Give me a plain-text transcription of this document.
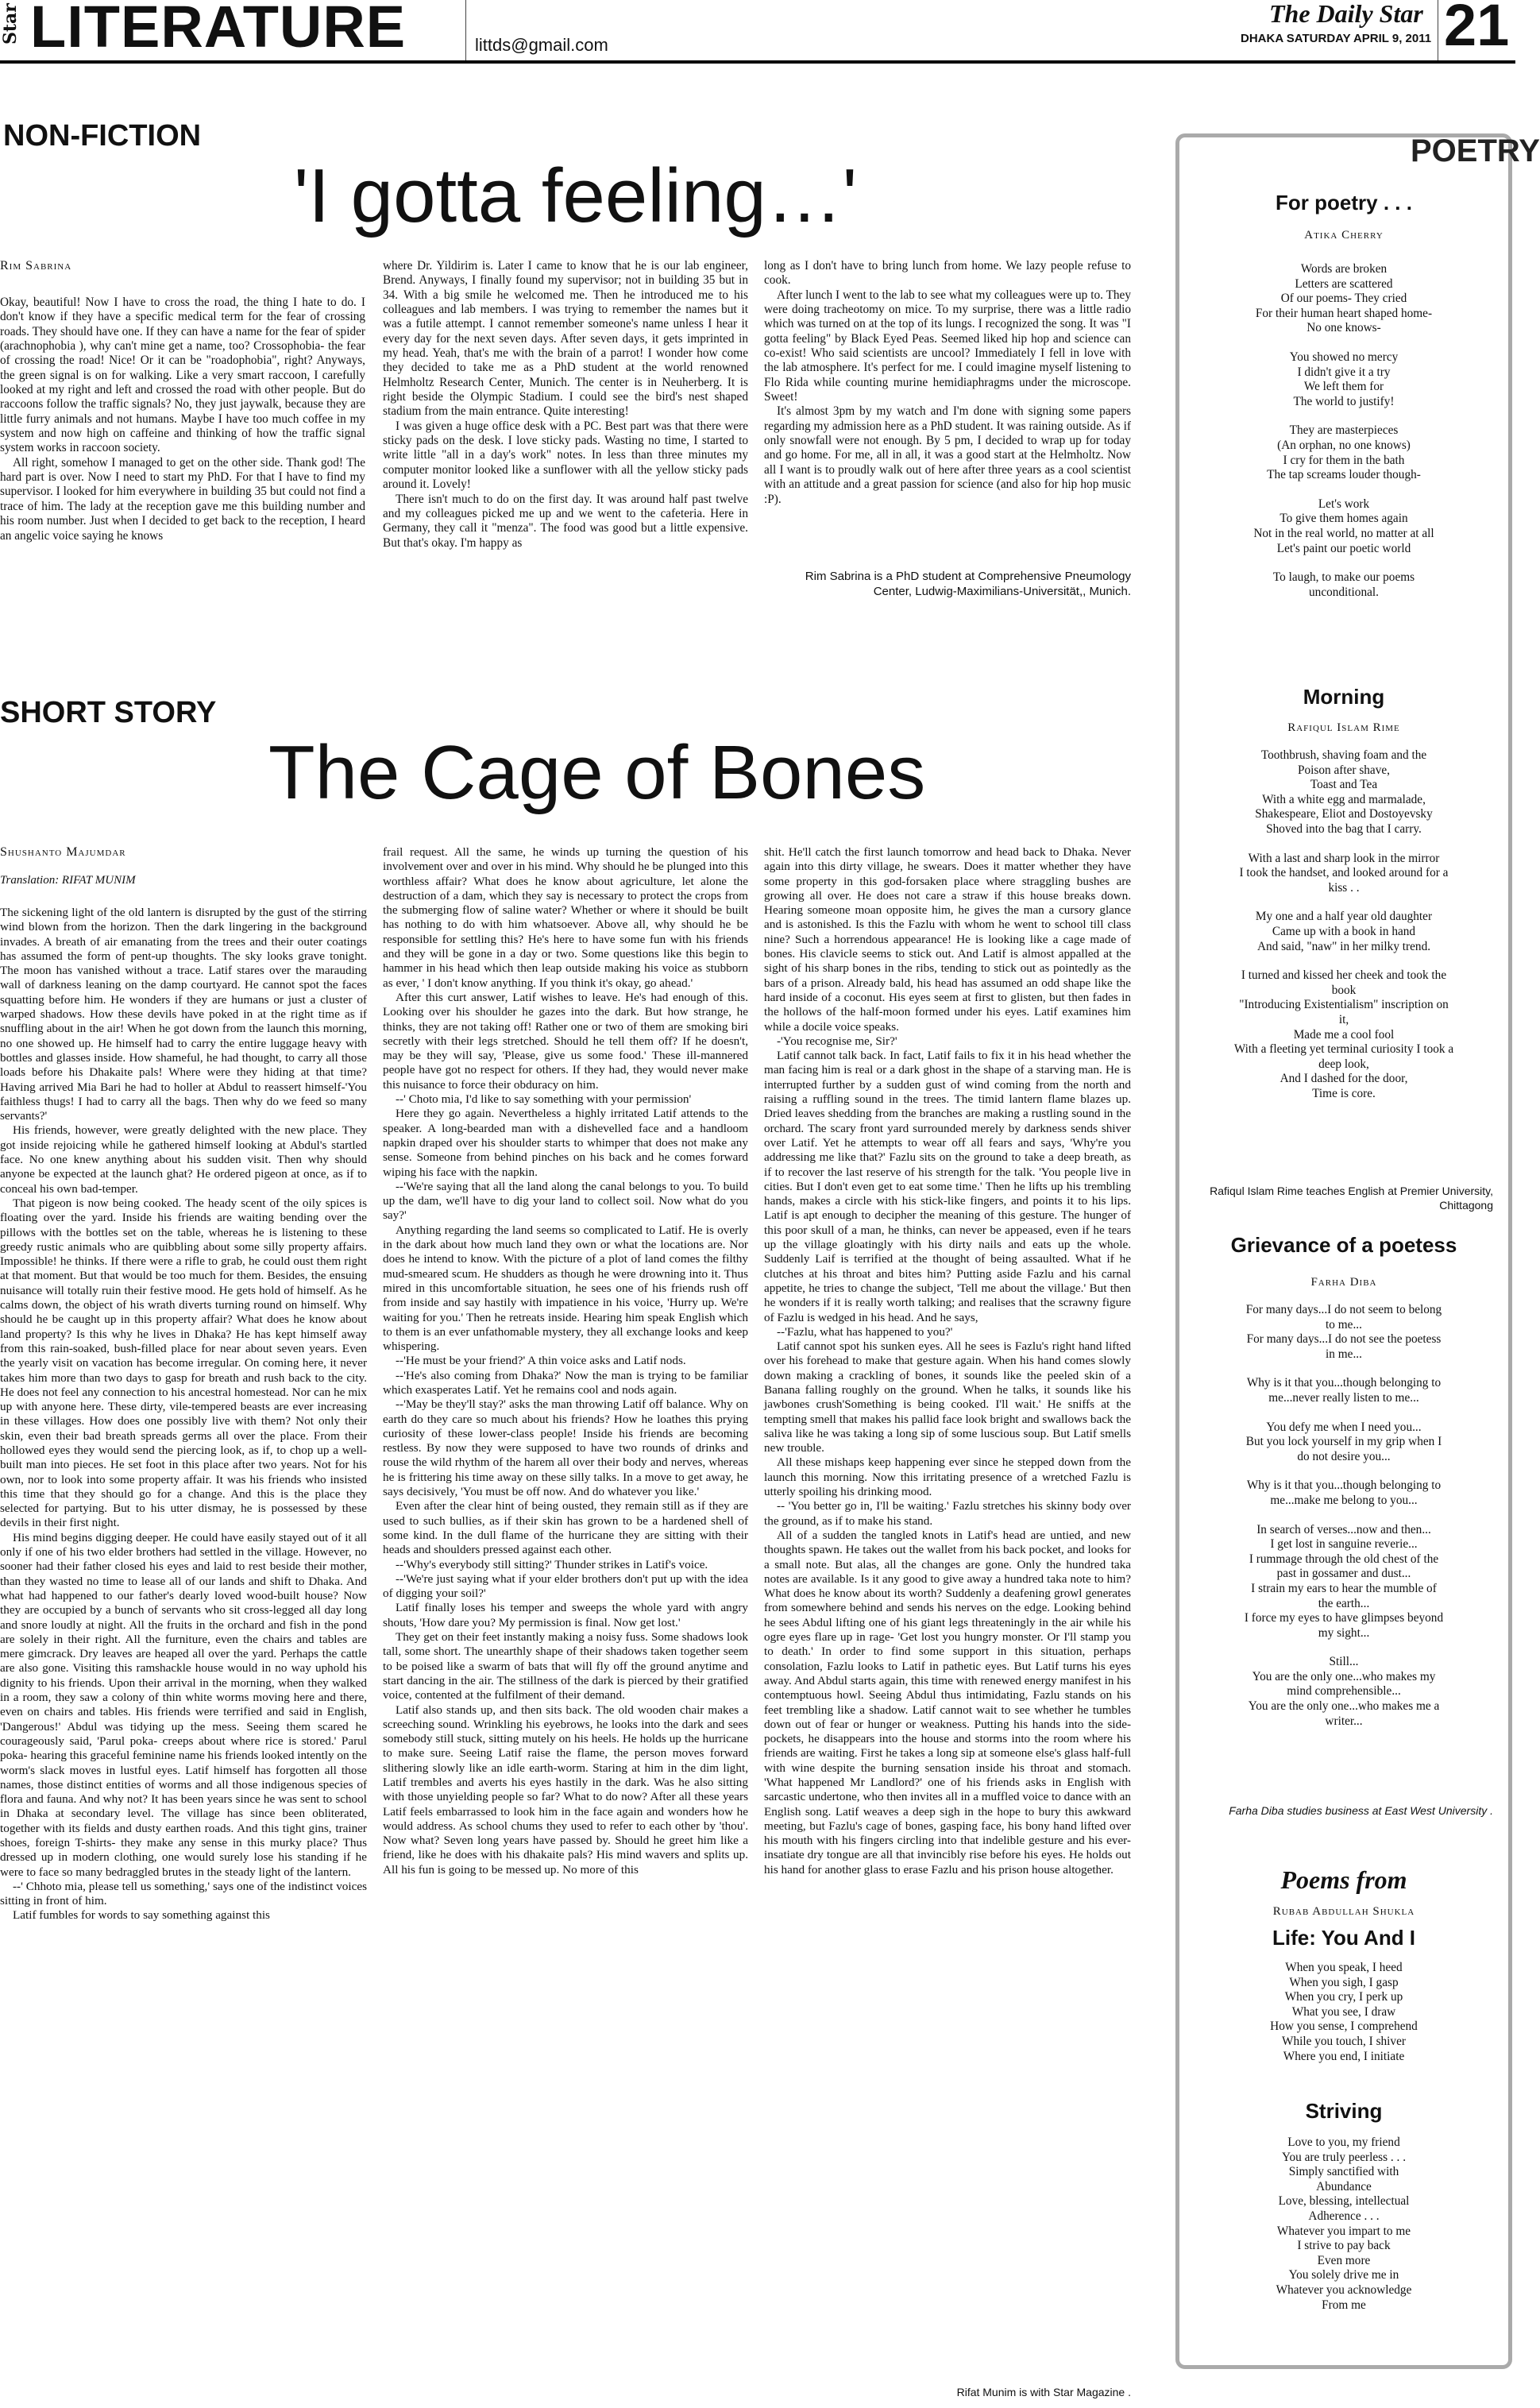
Star LITERATURE	littds@gmail.com
The Daily Star
DHAKA SATURDAY APRIL 9, 2011 21
NON-FICTION
'I gotta feeling…'
Rim Sabrina

Okay, beautiful! Now I have to cross the road, the thing I hate to do. I don't know if they have a specific medical term for the fear of crossing roads. They should have one. If they can have a name for the fear of spider (arachnophobia ), why can't mine get a name, too? Crossophobia- the fear of crossing the road! Nice! Or it can be "roadophobia", right? Anyways, the green signal is on for walking. Like a very smart raccoon, I carefully looked at my right and left and crossed the road with other people. But do raccoons follow the traffic signals? No, they just jaywalk, because they are little furry animals and not humans. Maybe I have too much coffee in my system and now high on caffeine and thinking of how the traffic signal system works in raccoon society.

All right, somehow I managed to get on the other side. Thank god! The hard part is over. Now I need to start my PhD. For that I have to find my supervisor. I looked for him everywhere in building 35 but could not find a trace of him. The lady at the reception gave me this building number and his room number. Just when I decided to get back to the reception, I heard an angelic voice saying he knows

where Dr. Yildirim is. Later I came to know that he is our lab engineer, Brend. Anyways, I finally found my supervisor; not in building 35 but in 34. With a big smile he welcomed me. Then he introduced me to his colleagues and lab members. I was trying to remember the names but it was a futile attempt. I cannot remember someone's name unless I hear it every day for the next seven days. After seven days, it gets imprinted in my head. Yeah, that's me with the brain of a parrot! I wonder how come they decided to take me as a PhD student at the world renowned Helmholtz Research Center, Munich. The center is in Neuherberg. It is right beside the Olympic Stadium. I could see the bird's nest shaped stadium from the main entrance. Quite interesting!

I was given a huge office desk with a PC. Best part was that there were sticky pads on the desk. I love sticky pads. Wasting no time, I started to write little "all in a day's work" notes. In less than three minutes my computer monitor looked like a sunflower with all the yellow sticky pads around it. Lovely!

There isn't much to do on the first day. It was around half past twelve and my colleagues picked me up and we went to the cafeteria. Here in Germany, they call it "menza". The food was good but a little expensive. But that's okay. I'm happy as

long as I don't have to bring lunch from home. We lazy people refuse to cook.

After lunch I went to the lab to see what my colleagues were up to. They were doing tracheotomy on mice. To my surprise, there was a little radio which was turned on at the top of its lungs. I recognized the song. It was "I gotta feeling" by Black Eyed Peas. Seemed liked hip hop and science can co-exist! Who said scientists are uncool? Immediately I fell in love with the lab atmosphere. It's perfect for me. I could imagine myself listening to Flo Rida while counting murine hemidiaphragms under the microscope. Sweet!

It's almost 3pm by my watch and I'm done with signing some papers regarding my admission here as a PhD student. It was raining outside. As if only snowfall were not enough. By 5 pm, I decided to wrap up for today and go home. For me, all in all, it was a good start at the Helmholtz. Now all I want is to proudly walk out of here after three years as a cool scientist with an attitude and a great passion for science (and also for hip hop music :P).

Rim Sabrina is a PhD student at Comprehensive Pneumology Center, Ludwig-Maximilians-Universität,, Munich.
SHORT STORY
The Cage of Bones
Shushanto Majumdar
Translation: RIFAT MUNIM

The sickening light of the old lantern is disrupted by the gust of the stirring wind blown from the horizon. Then the dark lingering in the background invades. A breath of air emanating from the trees and their outer coatings has assumed the form of pent-up thoughts. The sky looks grave tonight. The moon has vanished without a trace. Latif stares over the marauding wall of darkness leaning on the damp courtyard. He cannot spot the faces squatting before him. He wonders if they are humans or just a cluster of warped shadows. How these devils have poked in at the right time as if snuffling about in the air! When he got down from the launch this morning, no one showed up. He himself had to carry the entire luggage heavy with bottles and glasses inside. How shameful, he had thought, to carry all those loads before his Dhakaite pals! Where were they hiding at that time? Having arrived Mia Bari he had to holler at Abdul to reassert himself-'You faithless thugs! I had to carry all the bags. Then why do we feed so many servants?'

His friends, however, were greatly delighted with the new place. They got inside rejoicing while he gathered himself looking at Abdul's startled face. No one knew anything about his sudden visit. Then why should anyone be expected at the launch ghat? He ordered pigeon at once, as if to conceal his own bad-temper.

That pigeon is now being cooked. The heady scent of the oily spices is floating over the yard. Inside his friends are waiting bending over the pillows with the bottles set on the table, whereas he is listening to these greedy rustic animals who are quibbling about some silly property affairs. Impossible! he thinks. If there were a rifle to grab, he could oust them right at that moment. But that would be too much for them. Besides, the ensuing nuisance will totally ruin their festive mood. He gets hold of himself. As he calms down, the object of his wrath diverts turning round on himself. Why should he be caught up in this property affair? What does he know about land property? Is this why he lives in Dhaka? He has kept himself away from this rain-soaked, bush-filled place for near about seven years. Even the yearly visit on vacation has become irregular. On coming here, it never takes him more than two days to gasp for breath and rush back to the city. He does not feel any connection to his ancestral homestead. Nor can he mix up with anyone here. These dirty, vile-tempered beasts are ever increasing in these villages. How does one possibly live with them? Not only their skin, even their bad breath spreads germs all over the place. From their hollowed eyes they would send the piercing look, as if, to chop up a well-built man into pieces. He set foot in this place after two years. Not for his own, nor to look into some property affair. It was his friends who insisted this time that they should go for a change. And this is the place they selected for partying. But to his utter dismay, he is possessed by these devils in their first night.

His mind begins digging deeper. He could have easily stayed out of it all only if one of his two elder brothers had settled in the village. However, no sooner had their father closed his eyes and laid to rest beside their mother, than they wasted no time to lease all of our lands and shift to Dhaka. And what had happened to our father's dearly loved wood-built house? Now they are occupied by a bunch of servants who sit cross-legged all day long and snore loudly at night. All the fruits in the orchard and fish in the pond are solely in their right. All the furniture, even the chairs and tables are mere gimcrack. Dry leaves are heaped all over the yard. Perhaps the cattle are also gone. Visiting this ramshackle house would in no way uphold his dignity to his friends. Upon their arrival in the morning, when they walked in a room, they saw a colony of thin white worms moving here and there, even on chairs and tables. His friends were terrified and said in English, 'Dangerous!' Abdul was tidying up the mess. Seeing them scared he courageously said, 'Parul poka- creeps about where rice is stored.' Parul poka- hearing this graceful feminine name his friends looked intently on the worm's slack moves in lustful eyes. Latif himself has forgotten all those names, those distinct entities of worms and all those indigenous species of flora and fauna. And why not? It has been years since he was sent to school in Dhaka at secondary level. The village has since been obliterated, together with its fields and dusty earthen roads. And this tight gins, trainer shoes, foreign T-shirts- they make any sense in this murky place? Thus dressed up in modern clothing, one would surely lose his standing if he were to face so many bedraggled brutes in the steady light of the lantern.

--' Chhoto mia, please tell us something,' says one of the indistinct voices sitting in front of him.

Latif fumbles for words to say something against this

frail request. All the same, he winds up turning the question of his involvement over and over in his mind. Why should he be plunged into this worthless affair? What does he know about agriculture, let alone the destruction of a dam, which they say is necessary to protect the crops from the submerging flow of saline water? Whether or where it should be built has nothing to do with him whatsoever. Above all, why should he be responsible for settling this? He's here to have some fun with his friends and they will be gone in a day or two. Some questions like this begin to hammer in his head which then leap outside making his voice as stubborn as ever, ' I don't know anything. If you think it's okay, go ahead.'

After this curt answer, Latif wishes to leave. He's had enough of this. Looking over his shoulder he gazes into the dark. But how strange, he thinks, they are not taking off! Rather one or two of them are smoking biri secretly with their legs stretched. Should he tell them off? If he doesn't, may be they will say, 'Please, give us some food.' These ill-mannered people have got no respect for others. If they had, they would never make this nuisance to force their obduracy on him.

--' Choto mia, I'd like to say something with your permission'

Here they go again. Nevertheless a highly irritated Latif attends to the speaker. A long-bearded man with a dishevelled face and a handloom napkin draped over his shoulder starts to whimper that does not make any sense. Someone from behind pinches on his back and he comes forward wiping his face with the napkin.

--'We're saying that all the land along the canal belongs to you. To build up the dam, we'll have to dig your land to collect soil. Now what do you say?'

Anything regarding the land seems so complicated to Latif. He is overly in the dark about how much land they own or what the locations are. Nor does he intend to know. With the picture of a plot of land comes the filthy mud-smeared scum. He shudders as though he were drowning into it. Thus mired in this uncomfortable situation, he sees one of his friends rush off from inside and say hastily with impatience in his voice, 'Hurry up. We're waiting for you.' Then he retreats inside. Hearing him speak English which to them is an ever unfathomable mystery, they all exchange looks and keep whispering.

--'He must be your friend?' A thin voice asks and Latif nods.

--'He's also coming from Dhaka?' Now the man is trying to be familiar which exasperates Latif. Yet he remains cool and nods again.

--'May be they'll stay?' asks the man throwing Latif off balance. Why on earth do they care so much about his friends? How he loathes this prying curiosity of these lower-class people! Inside his friends are becoming restless. By now they were supposed to have two rounds of drinks and rouse the wild rhythm of the harem all over their body and nerves, whereas he is frittering his time away on these silly talks. In a move to get away, he says decisively, 'You must be off now. And do whatever you like.'

Even after the clear hint of being ousted, they remain still as if they are used to such bullies, as if their skin has grown to be a hardened shell of some kind. In the dull flame of the hurricane they are sitting with their heads and shoulders pressed against each other.

--'Why's everybody still sitting?' Thunder strikes in Latif's voice.

--'We're just saying what if your elder brothers don't put up with the idea of digging your soil?'

Latif finally loses his temper and sweeps the whole yard with angry shouts, 'How dare you? My permission is final. Now get lost.'

They get on their feet instantly making a noisy fuss. Some shadows look tall, some short. The unearthly shape of their shadows taken together seem to be poised like a swarm of bats that will fly off the ground anytime and start dancing in the air. The stillness of the dark is pierced by their gratified voice, contented at the fulfilment of their demand.

Latif also stands up, and then sits back. The old wooden chair makes a screeching sound. Wrinkling his eyebrows, he looks into the dark and sees somebody still stuck, sitting mutely on his heels. He holds up the hurricane to make sure. Seeing Latif raise the flame, the person moves forward slithering slowly like an idle earth-worm. Staring at him in the dim light, Latif trembles and averts his eyes hastily in the dark. Was he also sitting with those unyielding people so far? What to do now? After all these years Latif feels embarrassed to look him in the face again and wonders how he would address. As school chums they used to refer to each other by 'thou'. Now what? Seven long years have passed by. Should he greet him like a friend, like he does with his dhakaite pals? His mind wavers and splits up. All his fun is going to be messed up. No more of this

shit. He'll catch the first launch tomorrow and head back to Dhaka. Never again into this dirty village, he swears. Does it matter whether they have some property in this god-forsaken place where straggling bushes are growing all over. He does not care a straw if this house breaks down. Hearing someone moan opposite him, he gives the man a cursory glance and is astonished. Is this the Fazlu with whom he went to school till class nine? Such a horrendous appearance! He is looking like a cage made of bones. His clavicle seems to stick out. And Latif is almost appalled at the sight of his sharp bones in the ribs, tending to stick out as pointedly as the bars of a prison. Already bald, his head has assumed an odd shape like the hard inside of a coconut. His eyes seem at first to glisten, but then fades in the hollows of the half-moon formed under his eyes. Latif examines him while a docile voice speaks.

-'You recognise me, Sir?'

Latif cannot talk back. In fact, Latif fails to fix it in his head whether the man facing him is real or a dark ghost in the shape of a starving man. He is interrupted further by a sudden gust of wind coming from the north and raising a ruffling sound in the trees. The timid lantern flame blazes up. Dried leaves shedding from the branches are making a rustling sound in the orchard. The scary front yard surrounded merely by darkness sends shiver over Latif. Yet he attempts to wear off all fears and says, 'Why're you addressing me like that?' Fazlu sits on the ground to take a deep breath, as if to recover the last reserve of his strength for the talk. 'You people live in cities. But I don't even get to eat some time.' Then he lifts up his trembling hands, makes a circle with his stick-like fingers, and points it to his lips. Latif is apt enough to decipher the meaning of this gesture. The hunger of this poor skull of a man, he thinks, can never be appeased, even if he tears up the village gloatingly with his dirty nails and eats up the whole. Suddenly Laif is terrified at the thought of being assaulted. What if he clutches at his throat and bites him? Putting aside Fazlu and his carnal appetite, he tries to change the subject, 'Tell me about the village.' But then he wonders if it is really worth talking; and realises that the scrawny figure of Fazlu is wedged in his head. And he says,

--'Fazlu, what has happened to you?'

Latif cannot spot his sunken eyes. All he sees is Fazlu's right hand lifted over his forehead to make that gesture again. When his hand comes slowly down making a crackling of bones, it sounds like the peeled skin of a Banana falling roughly on the ground. When he talks, it sounds like his jawbones crush'Something is being cooked. I'll wait.' He sniffs at the tempting smell that makes his pallid face look bright and swallows back the saliva like he was taking a long sip of some luscious soup. But Latif smells new trouble.

All these mishaps keep happening ever since he stepped down from the launch this morning. Now this irritating presence of a wretched Fazlu is utterly spoiling his drinking mood.

-- 'You better go in, I'll be waiting.' Fazlu stretches his skinny body over the ground, as if to make his stand.

All of a sudden the tangled knots in Latif's head are untied, and new thoughts spawn. He takes out the wallet from his back pocket, and looks for a small note. But alas, all the changes are gone. Only the hundred taka notes are available. Is it any good to give away a hundred taka note to him? What does he know about its worth? Suddenly a deafening growl generates from somewhere behind and sends his nerves on the edge. Looking behind he sees Abdul lifting one of his giant legs threateningly in the air while his ogre eyes flare up in rage- 'Get lost you hungry monster. Or I'll stamp you to death.' In order to find some support in this situation, perhaps consolation, Fazlu looks to Latif in pathetic eyes. But Latif turns his eyes away. And Abdul starts again, this time with renewed energy manifest in his contemptuous howl. Seeing Abdul thus intimidating, Fazlu stands on his feet trembling like a shadow. Latif cannot wait to see whether he tumbles down out of fear or hunger or weakness. Putting his hands into the side-pockets, he disappears into the house and storms into the room where his friends are waiting. First he takes a long sip at someone else's glass half-full with wine despite the burning sensation inside his throat and stomach. 'What happened Mr Landlord?' one of his friends asks in English with sarcastic undertone, who then invites all in a muffled voice to dance with an English song. Latif weaves a deep sigh in the hope to bury this awkward meeting, but Fazlu's cage of bones, gasping face, his bony hand lifted over his mouth with his fingers circling into that indelible gesture and his ever-insatiate dry tongue are all that invincibly rise before his eyes. He holds out his hand for another glass to erase Fazlu and his prison house altogether.

Rifat Munim is with Star Magazine .
POETRY
For poetry . . .
Atika Cherry
Words are broken
Letters are scattered
Of our poems- They cried
For their human heart shaped home-
No one knows-
You showed no mercy
I didn't give it a try
We left them for
The world to justify!
They are masterpieces
(An orphan, no one knows)
I cry for them in the bath
The tap screams louder though-
Let's work
To give them homes again
Not in the real world, no matter at all
Let's paint our poetic world
To laugh, to make our poems
unconditional.
Morning
Rafiqul Islam Rime
Toothbrush, shaving foam and the
Poison after shave,
Toast and Tea
With a white egg and marmalade,
Shakespeare, Eliot and Dostoyevsky
Shoved into the bag that I carry.
With a last and sharp look in the mirror
I took the handset, and looked around for a
kiss . .
My one and a half year old daughter
Came up with a book in hand
And said, "naw" in her milky trend.
I turned and kissed her cheek and took the
book
"Introducing Existentialism" inscription on
it,
Made me a cool fool
With a fleeting yet terminal curiosity I took a
deep look,
And I dashed for the door,
Time is core.
Rafiqul Islam Rime teaches English at Premier University, Chittagong
Grievance of a poetess
Farha Diba
For many days...I do not seem to belong
to me...
For many days...I do not see the poetess
in me...
Why is it that you...though belonging to
me...never really listen to me...
You defy me when I need you...
But you lock yourself in my grip when I
do not desire you...
Why is it that you...though belonging to
me...make me belong to you...
In search of verses...now and then...
I get lost in sanguine reverie...
I rummage through the old chest of the
past in gossamer and dust...
I strain my ears to hear the mumble of
the earth...
I force my eyes to have glimpses beyond
my sight...
Still...
You are the only one...who makes my
mind comprehensible...
You are the only one...who makes me a
writer...
Farha Diba studies business at East West University .
Poems from
Rubab Abdullah Shukla
Life: You And I
When you speak, I heed
When you sigh, I gasp
When you cry, I perk up
What you see, I draw
How you sense, I comprehend
While you touch, I shiver
Where you end, I initiate
Striving
Love to you, my friend
You are truly peerless . . .
Simply sanctified with
Abundance
Love, blessing, intellectual
Adherence . . .
Whatever you impart to me
I strive to pay back
Even more
You solely drive me in
Whatever you acknowledge
From me
